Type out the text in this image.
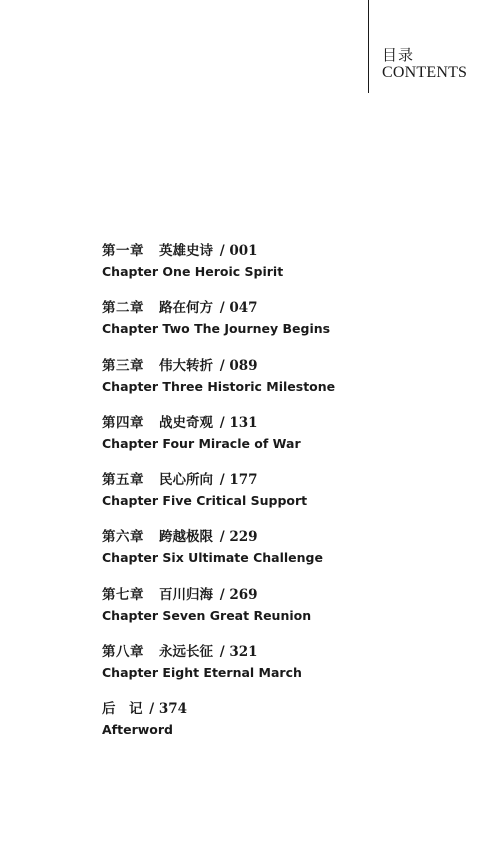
目录
CONTENTS
第一章 英雄史诗 / 001
Chapter One Heroic Spirit
第二章 路在何方 / 047
Chapter Two The Journey Begins
第三章 伟大转折 / 089
Chapter Three Historic Milestone
第四章 战史奇观 / 131
Chapter Four Miracle of War
第五章 民心所向 / 177
Chapter Five Critical Support
第六章 跨越极限 / 229
Chapter Six Ultimate Challenge
第七章 百川归海 / 269
Chapter Seven Great Reunion
第八章 永远长征 / 321
Chapter Eight Eternal March
后　记 / 374
Afterword
